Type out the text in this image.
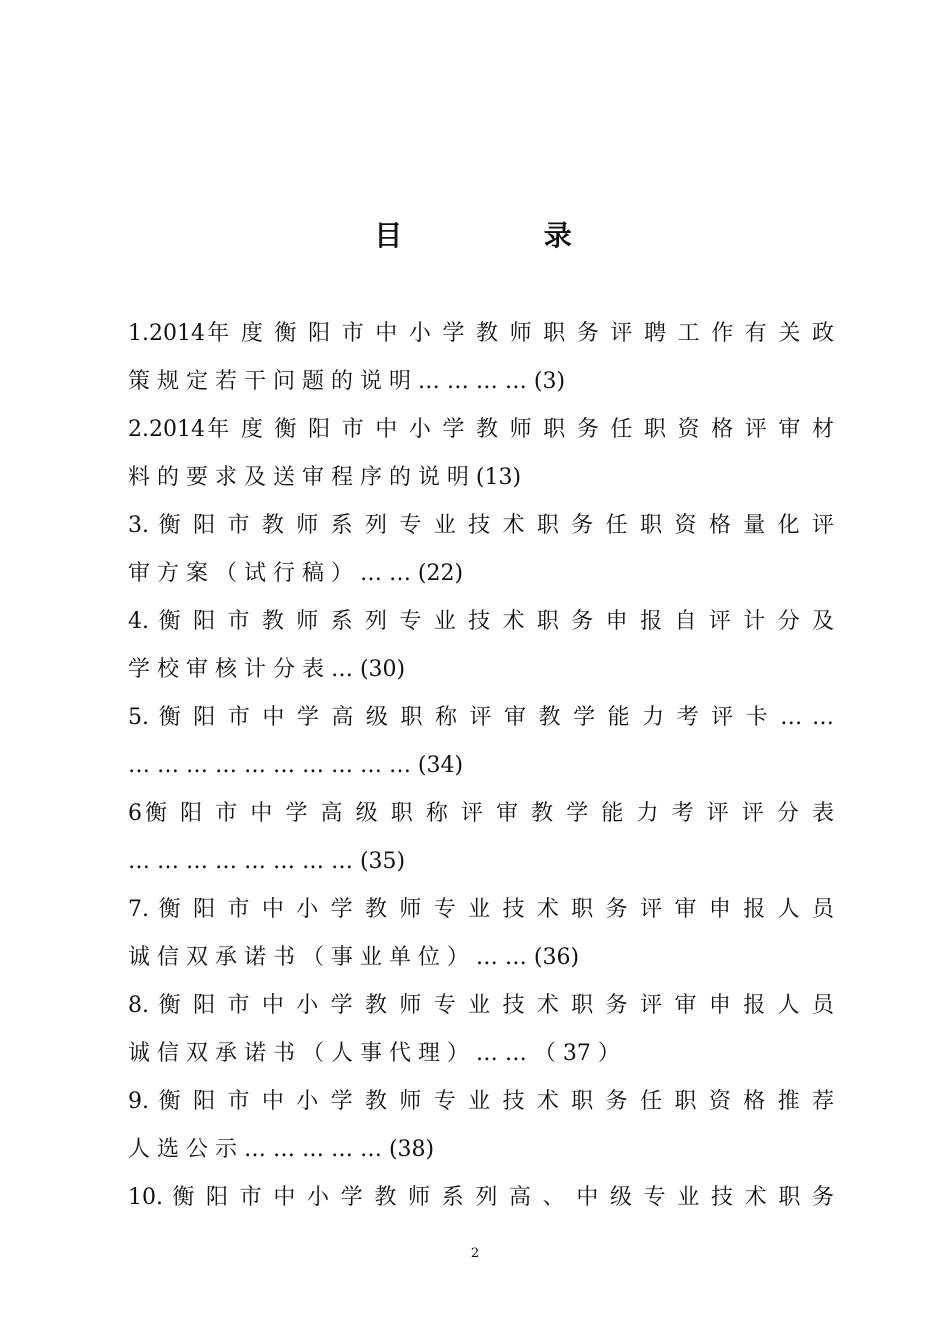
目	录
1.2014年 度 衡 阳 市 中 小 学 教 师 职 务 评 聘 工 作 有 关 政
策 规 定 若 干 问 题 的 说 明 … … … … (3)
2.2014年 度 衡 阳 市 中 小 学 教 师 职 务 任 职 资 格 评 审 材
料 的 要 求 及 送 审 程 序 的 说 明 (13)
3. 衡 阳 市 教 师 系 列 专 业 技 术 职 务 任 职 资 格 量 化 评
审 方 案 （ 试 行 稿 ） … … (22)
4. 衡 阳 市 教 师 系 列 专 业 技 术 职 务 申 报 自 评 计 分 及
学 校 审 核 计 分 表 … (30)
5. 衡 阳 市 中 学 高 级 职 称 评 审 教 学 能 力 考 评 卡 … …
… … … … … … … … … … (34)
6衡 阳 市 中 学 高 级 职 称 评 审 教 学 能 力 考 评 评 分 表
… … … … … … … … (35)
7. 衡 阳 市 中 小 学 教 师 专 业 技 术 职 务 评 审 申 报 人 员
诚 信 双 承 诺 书 （ 事 业 单 位 ） … … (36)
8. 衡 阳 市 中 小 学 教 师 专 业 技 术 职 务 评 审 申 报 人 员
诚 信 双 承 诺 书 （ 人 事 代 理 ） … … （ 37 ）
9. 衡 阳 市 中 小 学 教 师 专 业 技 术 职 务 任 职 资 格 推 荐
人 选 公 示 … … … … … (38)
10. 衡 阳 市 中 小 学 教 师 系 列 高 、 中 级 专 业 技 术 职 务
2
